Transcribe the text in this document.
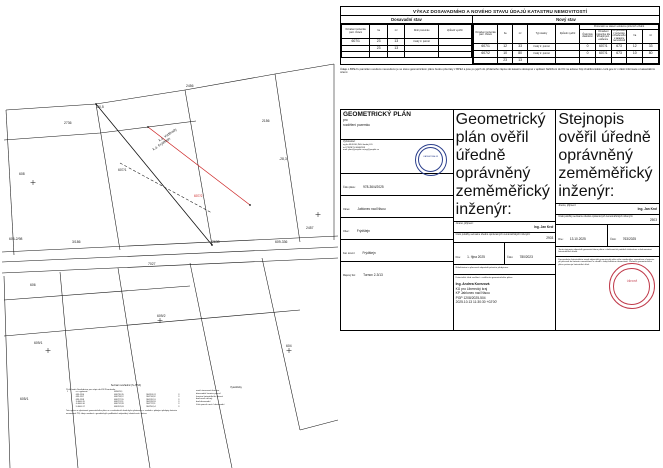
607/1
607/2
608
606
609/1
609/2
605/1
604
2456
2457
k.ú. Frýdštejn
k.ú. Voděrady
7027
606-2/98
3/186	2638	609-336
-20,5
2736
-28,3
2156
Seznam souřadnic (S-JTSK)
Číslo bodu Souřadnice pro zápis do KN Poznámka
1	n.v. vypínané	689029,1		
	639-1156	686735,35	984703,74	3
	639-1157	686733,12	984716,92	3
	639-1158	686727,55	984745,51	3
	3 4000-15	686721,11	984749,93	3
	4 4000-16	686712,28	984772,11	3
	5 4000-17	686702,03	984790,14	3
Tato zpráva o vyhotovení geometrického plánu a o souřadnicích bodů byla vyhotovena v souladu s platnými předpisy katastru nemovitostí ČR; údaje uvedené v geodetických podkladech odpovídají skutečnosti v terénu.
Vysvětlivky
nově stanovená hranice
dosavadní hranice parcel
hranice katastrálního území
bod nově určený
bod dosavadní
čísla parcel nová / dosavadní
VÝKAZ DOSAVADNÍHO A NOVÉHO STAVU ÚDAJŮ KATASTRU NEMOVITOSTÍ
Dosavadní stav
Označení pozemku parc. číslem	ha	m²	Druh pozemku	Způsob využití
607/1	23	13	trvalý tr. porost	
	23	13		

Nový stav
Označení pozemku parc. číslem	ha	m²	Typ stavby	Způsob využití	Porovnání se stavem evidence právních vztahů				
					Číslo listu vlastnictví	Označení pozemku dle dřívější poz. evidence	Díl přechází z pozemku označeného v katastru nemovitostí	ha	m²
607/1	12	33	trvalý tr. porost		0	607/1	673	12	33
607/2	10	80	trvalý tr. porost		0	607/1	673	10	80
	23	13							
Údaje o BPEJ k parcelám uvedeno neuvedeno je ve stavu geometrickém plánu budou převzaty z BPEJ a jsou po jejich do přídatného zápisu do katastru dostupné v aplikaci Nahlížení do KN na adrese http://nahlizenidokn.cuzk.gov.cz v části Informace o katastrálním území.
GEOMETRICKÝ PLÁN
pro
rozdělení pozemku
Vyhotovitel:
ng.ka MLR.SK,ING.Jandrij LIS
tel. PRZETU.0668/208
mail: plan@projekt.cz;ing@projekt.cz
KATASTRÁLNÍ
Číslo plánu: 978-36/4/2025
Okres: Jablonec nad Nisou
Obec: Frýdštejn
Kat. území: Frýdštejn
Mapový list: Turnov 2-3/13
Geometrický plán ověřil úředně oprávněný zeměměřický inženýr:
Jméno, příjmení:
Ing. Jan Kroł
Číslo položky seznamu úředně oprávněných zeměměřických inženýrů:
2903
Dne: 1. října 2025	Číslo: 780/2023
Náležitostmi a přesností odpovídá právním předpisům.
Katastrální úřad souhlasí s ověřením geometrického plánu:
Ing. Andrea Kovrzová
KÚ pro Liberecký kraj
KP Jablonec nad Nisou
PGP 1208/2025-504
2025.10.13 11:30:30 +02'00'
Stejnopis ověřil úředně oprávněný zeměměřický inženýr:
Jméno, příjmení:
Ing. Jan Kroł
Číslo položky seznamu úředně oprávněných zeměměřických inženýrů:
2503
Dne: 13.10.2025	Číslo: 763/2025
Tento stejnopis odpovídá geometrickému plánu v elektronické podobě uloženému v dokumentaci katastrálního úřadu.
Dosavadním katastrálním mapě odpovídá geometrický plán výše uvedeného; vyznačeno v katastru při převzetí do katastru nemovitostí a shodě s údaji katastru nemovitostí. Platnost geometrického plánu potvrzuje katastrální úřad.
ÚŘEDNĚ
